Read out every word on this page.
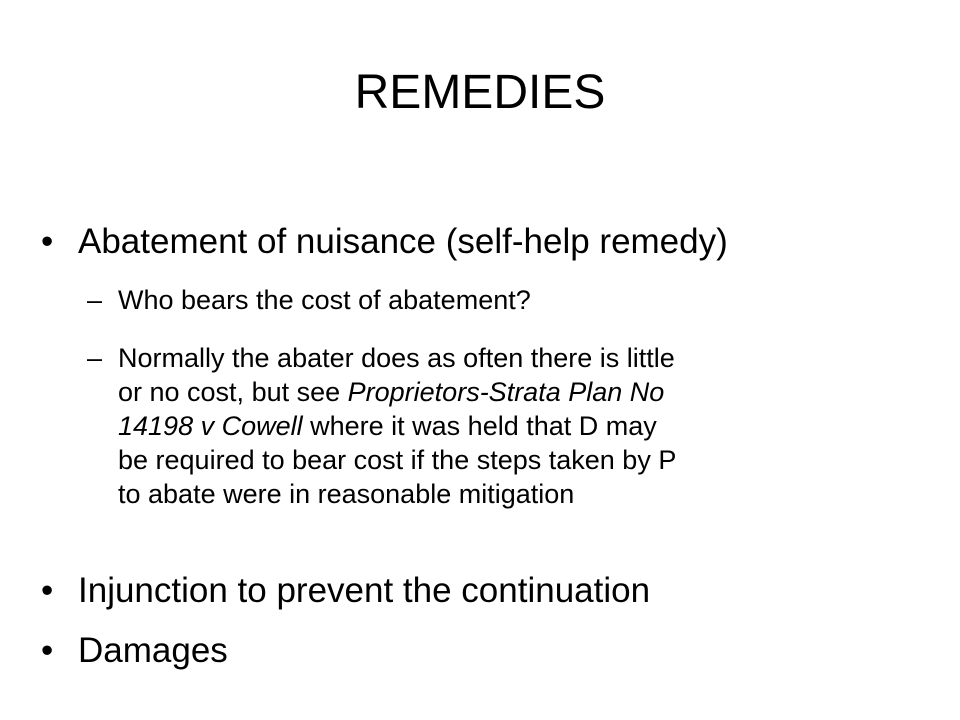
REMEDIES
• Abatement of nuisance (self-help remedy)
– Who bears the cost of abatement?
– Normally the abater does as often there is little
or no cost, but see Proprietors-Strata Plan No
14198 v Cowell where it was held that D may
be required to bear cost if the steps taken by P
to abate were in reasonable mitigation
• Injunction to prevent the continuation
• Damages
